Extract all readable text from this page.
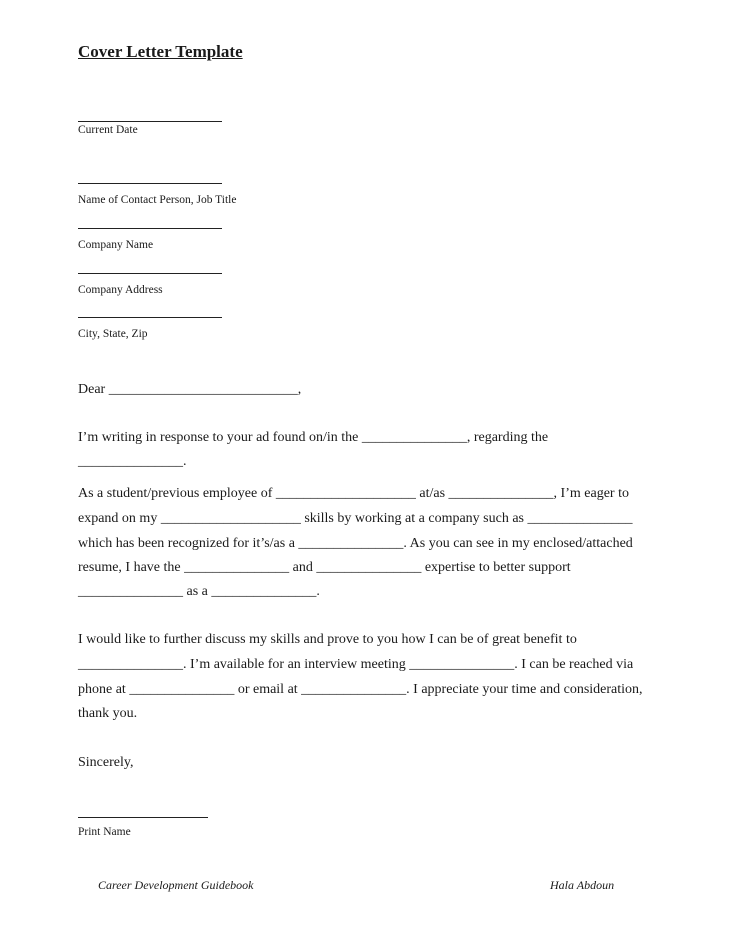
Cover Letter Template
Current Date
Name of Contact Person, Job Title
Company Name
Company Address
City, State, Zip
Dear ___________________________,
I’m writing in response to your ad found on/in the _______________, regarding the
_______________.
As a student/previous employee of ____________________ at/as _______________, I’m eager to
expand on my ____________________ skills by working at a company such as _______________
which has been recognized for it’s/as a _______________. As you can see in my enclosed/attached
resume, I have the _______________ and _______________ expertise to better support
_______________ as a _______________.
I would like to further discuss my skills and prove to you how I can be of great benefit to
_______________. I’m available for an interview meeting _______________. I can be reached via
phone at _______________ or email at _______________. I appreciate your time and consideration,
thank you.
Sincerely,
Print Name
Career Development Guidebook	Hala Abdoun
